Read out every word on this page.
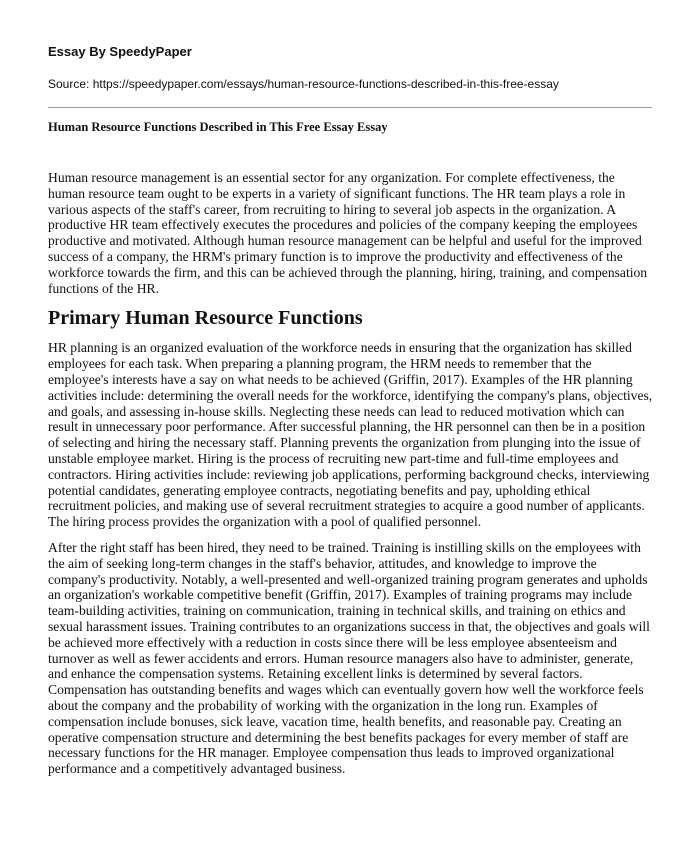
Essay By SpeedyPaper

Source: https://speedypaper.com/essays/human-resource-functions-described-in-this-free-essay

Human Resource Functions Described in This Free Essay Essay

Human resource management is an essential sector for any organization. For complete effectiveness, the human resource team ought to be experts in a variety of significant functions. The HR team plays a role in various aspects of the staff's career, from recruiting to hiring to several job aspects in the organization. A productive HR team effectively executes the procedures and policies of the company keeping the employees productive and motivated. Although human resource management can be helpful and useful for the improved success of a company, the HRM's primary function is to improve the productivity and effectiveness of the workforce towards the firm, and this can be achieved through the planning, hiring, training, and compensation functions of the HR.

Primary Human Resource Functions

HR planning is an organized evaluation of the workforce needs in ensuring that the organization has skilled employees for each task. When preparing a planning program, the HRM needs to remember that the employee's interests have a say on what needs to be achieved (Griffin, 2017). Examples of the HR planning activities include: determining the overall needs for the workforce, identifying the company's plans, objectives, and goals, and assessing in-house skills. Neglecting these needs can lead to reduced motivation which can result in unnecessary poor performance. After successful planning, the HR personnel can then be in a position of selecting and hiring the necessary staff. Planning prevents the organization from plunging into the issue of unstable employee market. Hiring is the process of recruiting new part-time and full-time employees and contractors. Hiring activities include: reviewing job applications, performing background checks, interviewing potential candidates, generating employee contracts, negotiating benefits and pay, upholding ethical recruitment policies, and making use of several recruitment strategies to acquire a good number of applicants. The hiring process provides the organization with a pool of qualified personnel.

After the right staff has been hired, they need to be trained. Training is instilling skills on the employees with the aim of seeking long-term changes in the staff's behavior, attitudes, and knowledge to improve the company's productivity. Notably, a well-presented and well-organized training program generates and upholds an organization's workable competitive benefit (Griffin, 2017). Examples of training programs may include team-building activities, training on communication, training in technical skills, and training on ethics and sexual harassment issues. Training contributes to an organizations success in that, the objectives and goals will be achieved more effectively with a reduction in costs since there will be less employee absenteeism and turnover as well as fewer accidents and errors. Human resource managers also have to administer, generate, and enhance the compensation systems. Retaining excellent links is determined by several factors. Compensation has outstanding benefits and wages which can eventually govern how well the workforce feels about the company and the probability of working with the organization in the long run. Examples of compensation include bonuses, sick leave, vacation time, health benefits, and reasonable pay. Creating an operative compensation structure and determining the best benefits packages for every member of staff are necessary functions for the HR manager. Employee compensation thus leads to improved organizational performance and a competitively advantaged business.
